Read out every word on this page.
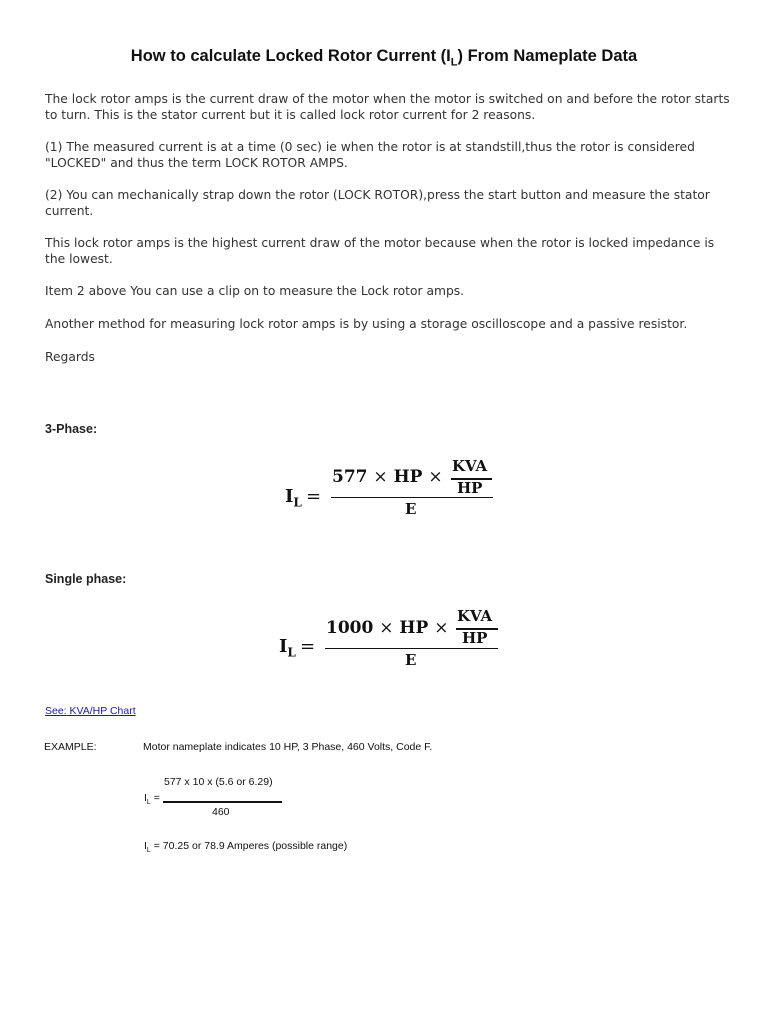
How to calculate Locked Rotor Current $(I_L)$ From Nameplate Data
The lock rotor amps is the current draw of the motor when the motor is switched on and before the rotor starts to turn. This is the stator current but it is called lock rotor current for 2 reasons.
(1) The measured current is at a time (0 sec) ie when the rotor is at standstill,thus the rotor is considered "LOCKED" and thus the term LOCK ROTOR AMPS.
(2) You can mechanically strap down the rotor (LOCK ROTOR),press the start button and measure the stator current.
This lock rotor amps is the highest current draw of the motor because when the rotor is locked impedance is the lowest.
Item 2 above You can use a clip on to measure the Lock rotor amps.
Another method for measuring lock rotor amps is by using a storage oscilloscope and a passive resistor.
Regards
3-Phase:
$I_L$ =
577 × HP ×
KVA
HP
E
Single phase:
$I_L$ =
1000 × HP ×
KVA
HP
E
See: KVA/HP Chart
EXAMPLE:	Motor nameplate indicates 10 HP, 3 Phase, 460 Volts, Code F.
577 x 10 x (5.6 or 6.29)
$I_L$ =
460
$I_L = 70.25$ or 78.9 Amperes (possible range)
